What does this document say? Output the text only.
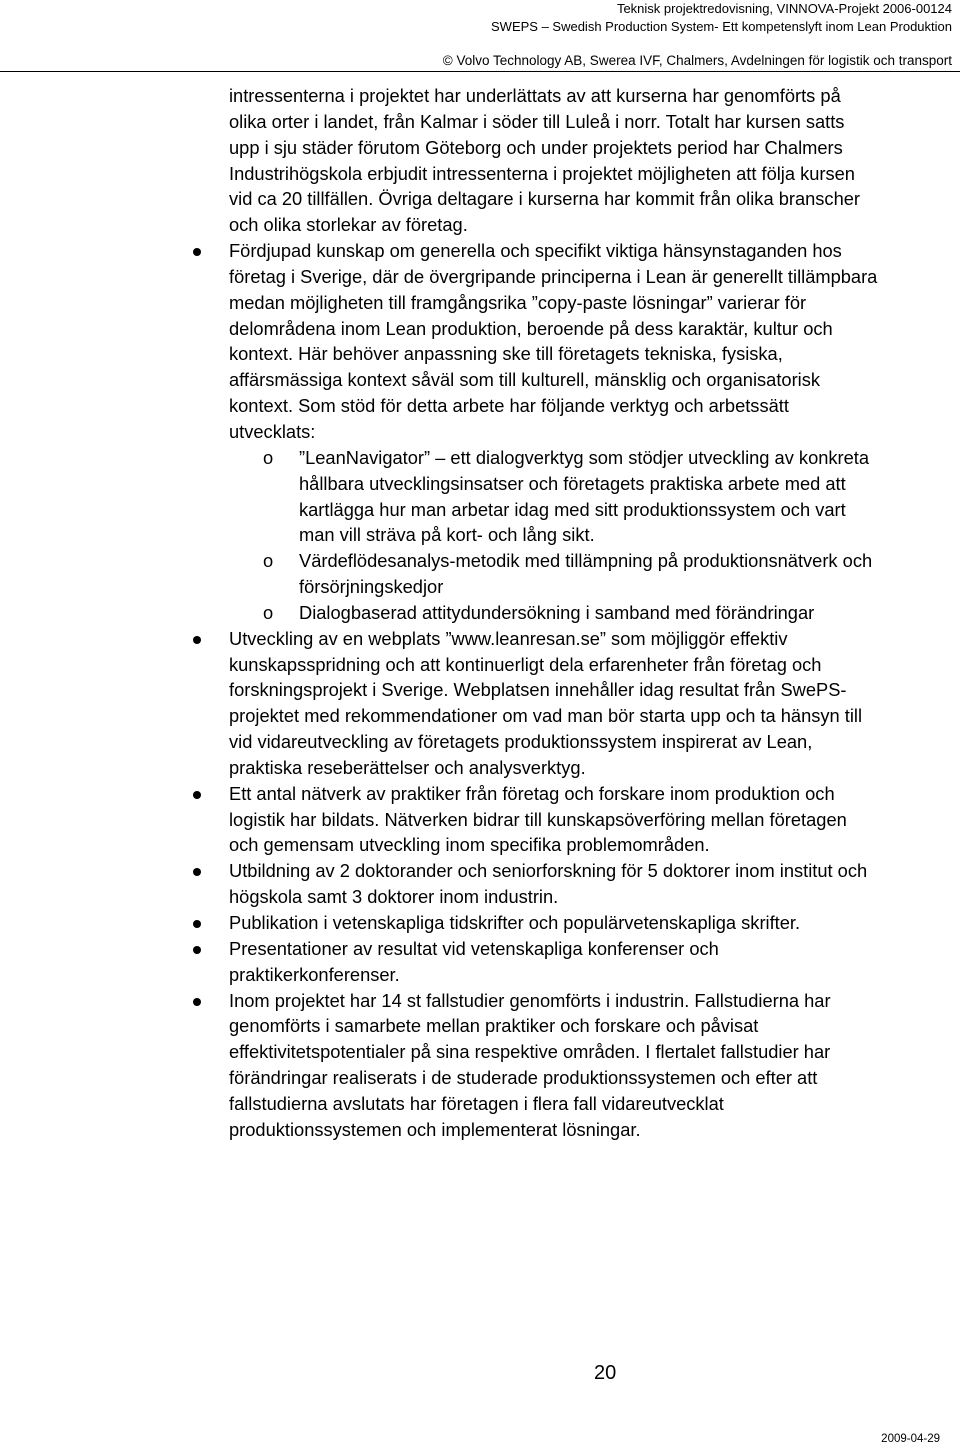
Teknisk projektredovisning, VINNOVA-Projekt 2006-00124
SWEPS – Swedish Production System- Ett kompetenslyft inom Lean Produktion
© Volvo Technology AB, Swerea IVF, Chalmers, Avdelningen för logistik och transport

intressenterna i projektet har underlättats av att kurserna har genomförts på olika orter i landet, från Kalmar i söder till Luleå i norr. Totalt har kursen satts upp i sju städer förutom Göteborg och under projektets period har Chalmers Industrihögskola erbjudit intressenterna i projektet möjligheten att följa kursen vid ca 20 tillfällen. Övriga deltagare i kurserna har kommit från olika branscher och olika storlekar av företag.

Fördjupad kunskap om generella och specifikt viktiga hänsynstaganden hos företag i Sverige, där de övergripande principerna i Lean är generellt tillämpbara medan möjligheten till framgångsrika ”copy-paste lösningar” varierar för delområdena inom Lean produktion, beroende på dess karaktär, kultur och kontext. Här behöver anpassning ske till företagets tekniska, fysiska, affärsmässiga kontext såväl som till kulturell, mänsklig och organisatorisk kontext. Som stöd för detta arbete har följande verktyg och arbetssätt utvecklats:

o ”LeanNavigator” – ett dialogverktyg som stödjer utveckling av konkreta hållbara utvecklingsinsatser och företagets praktiska arbete med att kartlägga hur man arbetar idag med sitt produktionssystem och vart man vill sträva på kort- och lång sikt.
o Värdeflödesanalys-metodik med tillämpning på produktionsnätverk och försörjningskedjor
o Dialogbaserad attitydundersökning i samband med förändringar

Utveckling av en webplats ”www.leanresan.se” som möjliggör effektiv kunskapsspridning och att kontinuerligt dela erfarenheter från företag och forskningsprojekt i Sverige. Webplatsen innehåller idag resultat från SwePS-projektet med rekommendationer om vad man bör starta upp och ta hänsyn till vid vidareutveckling av företagets produktionssystem inspirerat av Lean, praktiska reseberättelser och analysverktyg.

Ett antal nätverk av praktiker från företag och forskare inom produktion och logistik har bildats. Nätverken bidrar till kunskapsöverföring mellan företagen och gemensam utveckling inom specifika problemområden.

Utbildning av 2 doktorander och seniorforskning för 5 doktorer inom institut och högskola samt 3 doktorer inom industrin.

Publikation i vetenskapliga tidskrifter och populärvetenskapliga skrifter.

Presentationer av resultat vid vetenskapliga konferenser och praktikerkonferenser.

Inom projektet har 14 st fallstudier genomförts i industrin. Fallstudierna har genomförts i samarbete mellan praktiker och forskare och påvisat effektivitetspotentialer på sina respektive områden. I flertalet fallstudier har förändringar realiserats i de studerade produktionssystemen och efter att fallstudierna avslutats har företagen i flera fall vidareutvecklat produktionssystemen och implementerat lösningar.

20
2009-04-29
